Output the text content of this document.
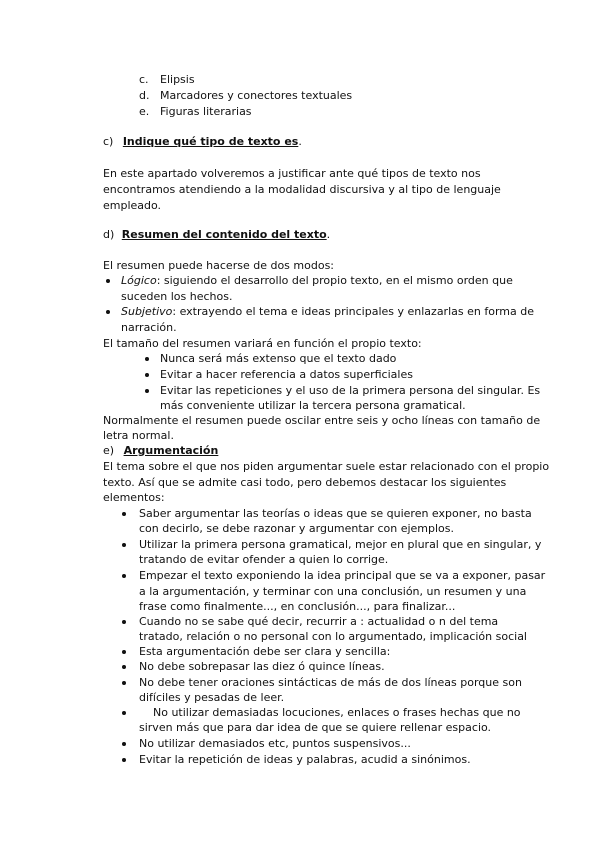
c. Elipsis
d. Marcadores y conectores textuales
e. Figuras literarias
c) Indique qué tipo de texto es.
En este apartado volveremos a justificar ante qué tipos de texto nos
encontramos atendiendo a la modalidad discursiva y al tipo de lenguaje
empleado.
d) Resumen del contenido del texto.
El resumen puede hacerse de dos modos:
Lógico: siguiendo el desarrollo del propio texto, en el mismo orden que
suceden los hechos.
Subjetivo: extrayendo el tema e ideas principales y enlazarlas en forma de
narración.
El tamaño del resumen variará en función el propio texto:
Nunca será más extenso que el texto dado
Evitar a hacer referencia a datos superficiales
Evitar las repeticiones y el uso de la primera persona del singular. Es
más conveniente utilizar la tercera persona gramatical.
Normalmente el resumen puede oscilar entre seis y ocho líneas con tamaño de
letra normal.
e) Argumentación
El tema sobre el que nos piden argumentar suele estar relacionado con el propio
texto. Así que se admite casi todo, pero debemos destacar los siguientes
elementos:
Saber argumentar las teorías o ideas que se quieren exponer, no basta
con decirlo, se debe razonar y argumentar con ejemplos.
Utilizar la primera persona gramatical, mejor en plural que en singular, y
tratando de evitar ofender a quien lo corrige.
Empezar el texto exponiendo la idea principal que se va a exponer, pasar
a la argumentación, y terminar con una conclusión, un resumen y una
frase como finalmente..., en conclusión..., para finalizar...
Cuando no se sabe qué decir, recurrir a : actualidad o n del tema
tratado, relación o no personal con lo argumentado, implicación social
Esta argumentación debe ser clara y sencilla:
No debe sobrepasar las diez ó quince líneas.
No debe tener oraciones sintácticas de más de dos líneas porque son
difíciles y pesadas de leer.
No utilizar demasiadas locuciones, enlaces o frases hechas que no
sirven más que para dar idea de que se quiere rellenar espacio.
No utilizar demasiados etc, puntos suspensivos...
Evitar la repetición de ideas y palabras, acudid a sinónimos.
